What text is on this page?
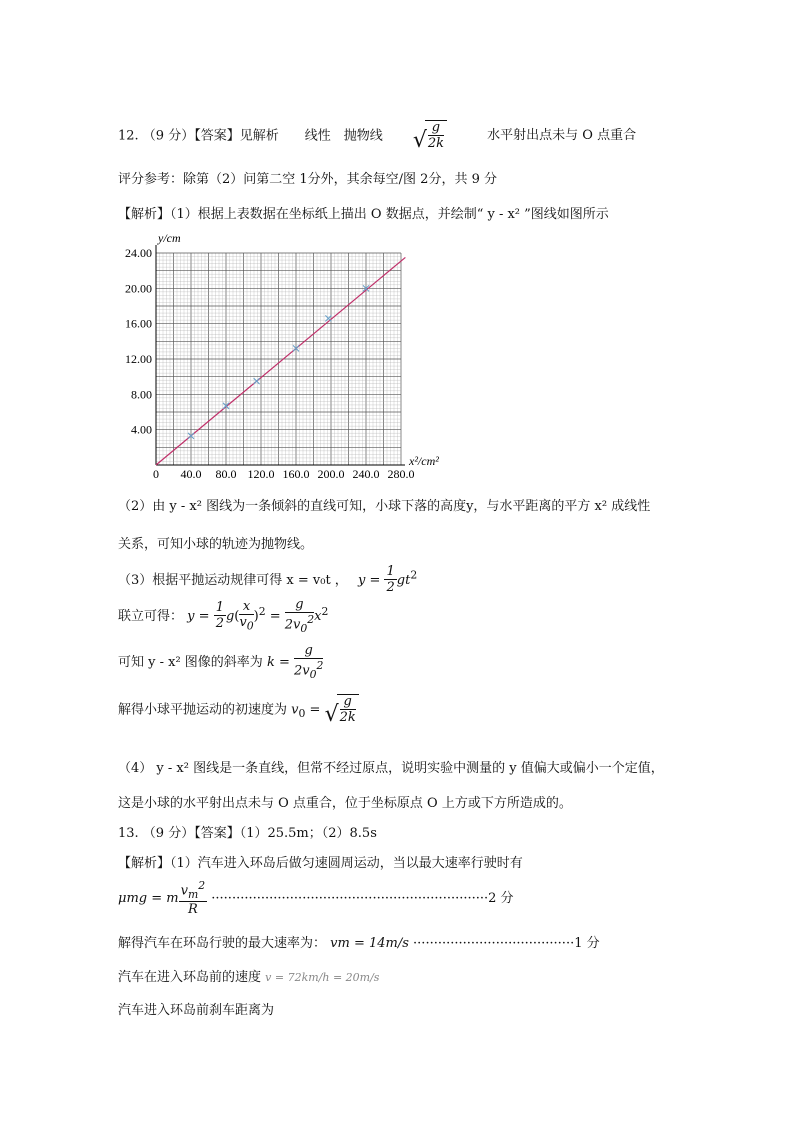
12. （9 分）【答案】见解析　　线性　抛物线 √ $\frac{g}{2k}$	水平射出点未与 O 点重合
评分参考：除第（2）问第二空 1分外，其余每空/图 2分，共 9 分
【解析】（1）根据上表数据在坐标纸上描出 O 数据点，并绘制“ y - x² ”图线如图所示
0 40.0 80.0 120.0 160.0 200.0 240.0 280.0
4.00
8.00
12.00
16.00
20.00
24.00
x²/cm²
y/cm
（2）由 y - x² 图线为一条倾斜的直线可知，小球下落的高度y，与水平距离的平方 x² 成线性
关系，可知小球的轨迹为抛物线。
（3）根据平抛运动规律可得 x = v₀t ， $y = \frac{1}{2} gt^2$
联立可得： $y = \frac{1}{2} g( \frac{x}{v_0} )^2 = \frac{g}{2v_0^2} x^2$
可知 y - x² 图像的斜率为 $k = \frac{g}{2v_0^2}$
解得小球平抛运动的初速度为 $v_0$ = √ $\frac{g}{2k}$
（4） y - x² 图线是一条直线，但常不经过原点，说明实验中测量的 y 值偏大或偏小一个定值，
这是小球的水平射出点未与 O 点重合，位于坐标原点 O 上方或下方所造成的。
13. （9 分）【答案】（1）25.5m；（2）8.5s
【解析】（1）汽车进入环岛后做匀速圆周运动，当以最大速率行驶时有
μmg = m $\frac{v_m^2}{R} \cdot\cdot\cdot\cdot\cdot\cdot\cdot\cdot\cdot\cdot\cdot\cdot\cdot\cdot\cdot\cdot\cdot\cdot\cdot\cdot\cdot\cdot\cdot\cdot\cdot\cdot\cdot\cdot\cdot\cdot\cdot\cdot\cdot\cdot\cdot\cdot\cdot\cdot\cdot\cdot\cdot\cdot\cdot\cdot\cdot\cdot\cdot\cdot\cdot\cdot\cdot\cdot\cdot\cdot\cdot\cdot\cdot\cdot\cdot\cdot\cdot\cdot\cdot\cdot\cdot\cdot\cdot 2$ 分
解得汽车在环岛行驶的最大速率为： vm = 14m/s ·······································1 分
汽车在进入环岛前的速度 v = 72km/h = 20m/s
汽车进入环岛前刹车距离为
